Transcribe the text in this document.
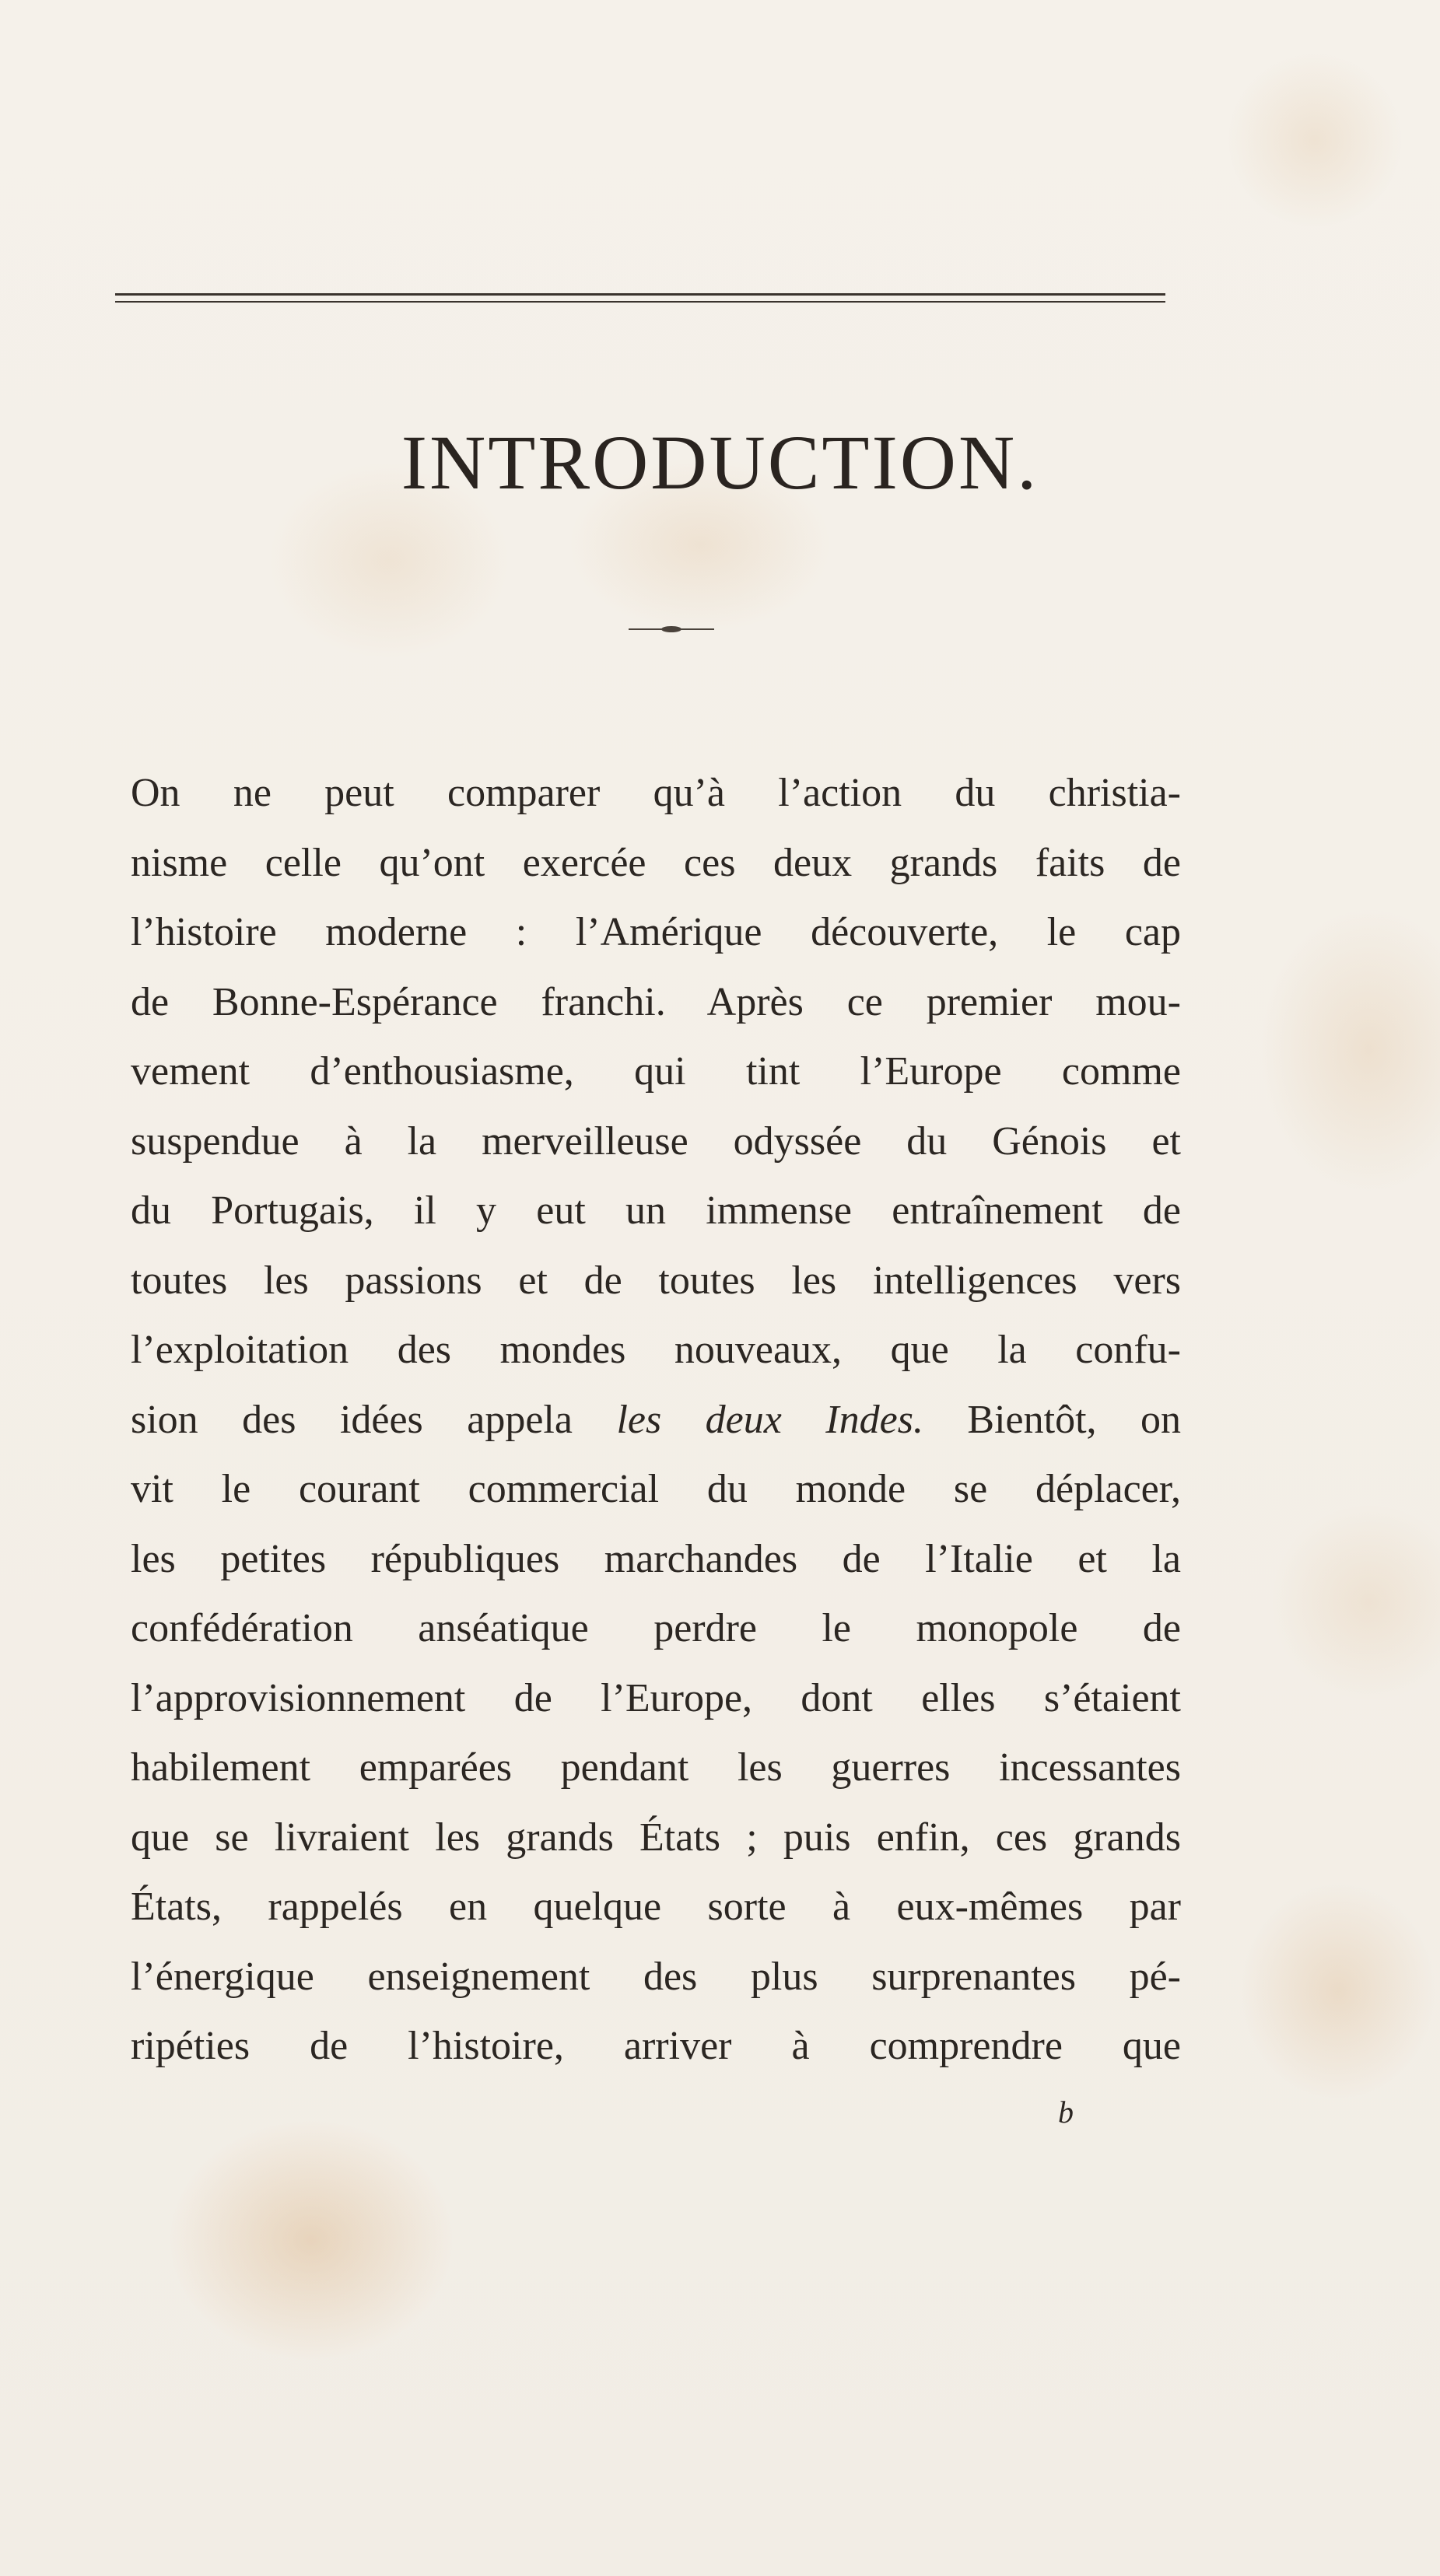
INTRODUCTION.
On ne peut comparer qu’à l’action du christia-
nisme celle qu’ont exercée ces deux grands faits de
l’histoire moderne : l’Amérique découverte, le cap
de Bonne-Espérance franchi. Après ce premier mou-
vement d’enthousiasme, qui tint l’Europe comme
suspendue à la merveilleuse odyssée du Génois et
du Portugais, il y eut un immense entraînement de
toutes les passions et de toutes les intelligences vers
l’exploitation des mondes nouveaux, que la confu-
sion des idées appela les deux Indes. Bientôt, on
vit le courant commercial du monde se déplacer,
les petites républiques marchandes de l’Italie et la
confédération anséatique perdre le monopole de
l’approvisionnement de l’Europe, dont elles s’étaient
habilement emparées pendant les guerres incessantes
que se livraient les grands États ; puis enfin, ces grands
États, rappelés en quelque sorte à eux-mêmes par
l’énergique enseignement des plus surprenantes pé-
ripéties de l’histoire, arriver à comprendre que
b
